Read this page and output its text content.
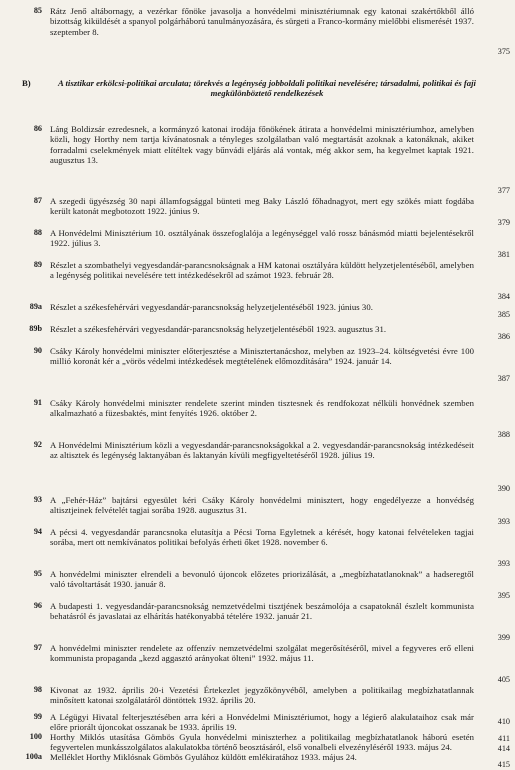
85 Rátz Jenő altábornagy, a vezérkar főnöke javasolja a honvédelmi minisztériumnak egy katonai szakértőkből álló bizottság kiküldését a spanyol polgárháború tanulmányozására, és sürgeti a Franco-kormány mielőbbi elismerését 1937. szeptember 8.
375
B)	A tisztikar erkölcsi-politikai arculata; törekvés a legénység jobboldali politikai nevelésére; társadalmi, politikai és faji megkülönböztető rendelkezések
86 Láng Boldizsár ezredesnek, a kormányzó katonai irodája főnökének átirata a honvédelmi minisztériumhoz, amelyben közli, hogy Horthy nem tartja kívánatosnak a tényleges szolgálatban való megtartását azoknak a katonáknak, akiket forradalmi cselekmények miatt elítéltek vagy bűnvádi eljárás alá vontak, még akkor sem, ha kegyelmet kaptak 1921. augusztus 13.
377
87 A szegedi ügyészség 30 napi államfogsággal bünteti meg Baky László főhadnagyot, mert egy szökés miatt fogdába került katonát megbotozott 1922. június 9.
379
88 A Honvédelmi Minisztérium 10. osztályának összefoglalója a legénységgel való rossz bánásmód miatti bejelentésekről 1922. július 3.
381
89 Részlet a szombathelyi vegyesdandár-parancsnokságnak a HM katonai osztályára küldött helyzetjelentéséből, amelyben a legénység politikai nevelésére tett intézkedésekről ad számot 1923. február 28.
384
89a Részlet a székesfehérvári vegyesdandár-parancsnokság helyzetjelentéséből 1923. június 30.
385
89b Részlet a székesfehérvári vegyesdandár-parancsnokság helyzetjelentéséből 1923. augusztus 31.
386
90 Csáky Károly honvédelmi miniszter előterjesztése a Minisztertanácshoz, melyben az 1923–24. költségvetési évre 100 millió koronát kér a „vörös védelmi intézkedések megtételének előmozdítására” 1924. január 14.
387
91 Csáky Károly honvédelmi miniszter rendelete szerint minden tisztesnek és rendfokozat nélküli honvédnek szemben alkalmazható a füzesbaktés, mint fenyítés 1926. október 2.
388
92 A Honvédelmi Minisztérium közli a vegyesdandár-parancsnokságokkal a 2. vegyesdandár-parancsnokság intézkedéseit az altisztek és legénység laktanyában és laktanyán kívüli megfigyeltetéséről 1928. július 19.
390
93 A „Fehér-Ház” bajtársi egyesület kéri Csáky Károly honvédelmi minisztert, hogy engedélyezze a honvédség altisztjeinek felvételét tagjai sorába 1928. augusztus 31.
393
94 A pécsi 4. vegyesdandár parancsnoka elutasítja a Pécsi Torna Egyletnek a kérését, hogy katonai felvételeken tagjai sorába, mert ott nemkívánatos politikai befolyás érheti őket 1928. november 6.
393
95 A honvédelmi miniszter elrendeli a bevonuló újoncok előzetes priorizálását, a „megbízhatatlanoknak” a hadseregtől való távoltartását 1930. január 8.
395
96 A budapesti 1. vegyesdandár-parancsnokság nemzetvédelmi tisztjének beszámolója a csapatoknál észlelt kommunista behatásról és javaslatai az elhárítás hatékonyabbá tételére 1932. január 21.
399
97 A honvédelmi miniszter rendelete az offenzív nemzetvédelmi szolgálat megerősítéséről, mivel a fegyveres erő elleni kommunista propaganda „kezd aggasztó arányokat ölteni” 1932. május 11.
405
98 Kivonat az 1932. április 20-i Vezetési Értekezlet jegyzőkönyvéből, amelyben a politikailag megbízhatatlannak minősített katonai szolgálatáról döntöttek 1932. április 20.
410
99 A Légügyi Hivatal felterjesztésében arra kéri a Honvédelmi Minisztériumot, hogy a légierő alakulataihoz csak már előre priorált újoncokat osszanak be 1933. április 19.
411
100 Horthy Miklós utasítása Gömbös Gyula honvédelmi miniszterhez a politikailag megbízhatatlanok háború esetén fegyvertelen munkásszolgálatos alakulatokba történő beosztásáról, első vonalbeli elvezényléséről 1933. május 24.	414
100a Melléklet Horthy Miklósnak Gömbös Gyulához küldött emlékiratához 1933. május 24.
415
